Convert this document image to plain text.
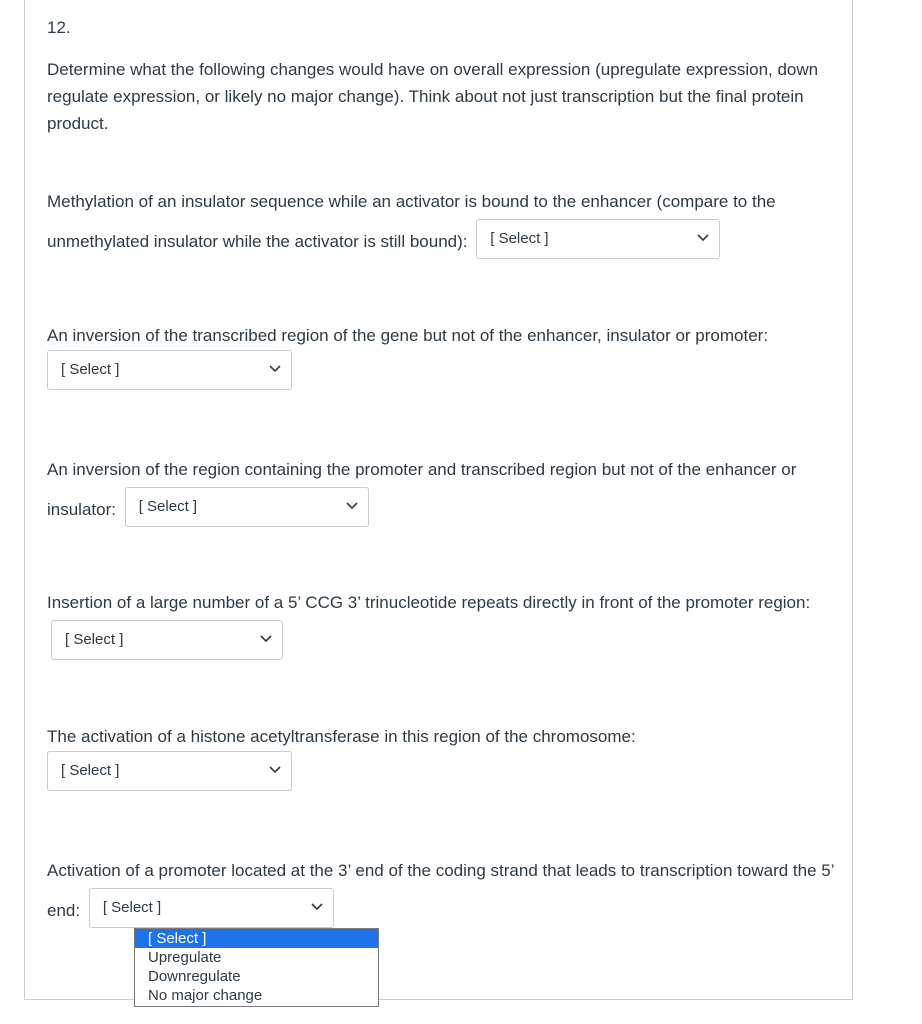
12.
Determine what the following changes would have on overall expression (upregulate expression, down regulate expression, or likely no major change). Think about not just transcription but the final protein product.
Methylation of an insulator sequence while an activator is bound to the enhancer (compare to the unmethylated insulator while the activator is still bound): [ Select ]
An inversion of the transcribed region of the gene but not of the enhancer, insulator or promoter:
[ Select ]
An inversion of the region containing the promoter and transcribed region but not of the enhancer or insulator: [ Select ]
Insertion of a large number of a 5’ CCG 3’ trinucleotide repeats directly in front of the promoter region: [ Select ]
The activation of a histone acetyltransferase in this region of the chromosome:
[ Select ]
Activation of a promoter located at the 3’ end of the coding strand that leads to transcription toward the 5’ end: [ Select ]
[ Select ]
Upregulate
Downregulate
No major change
